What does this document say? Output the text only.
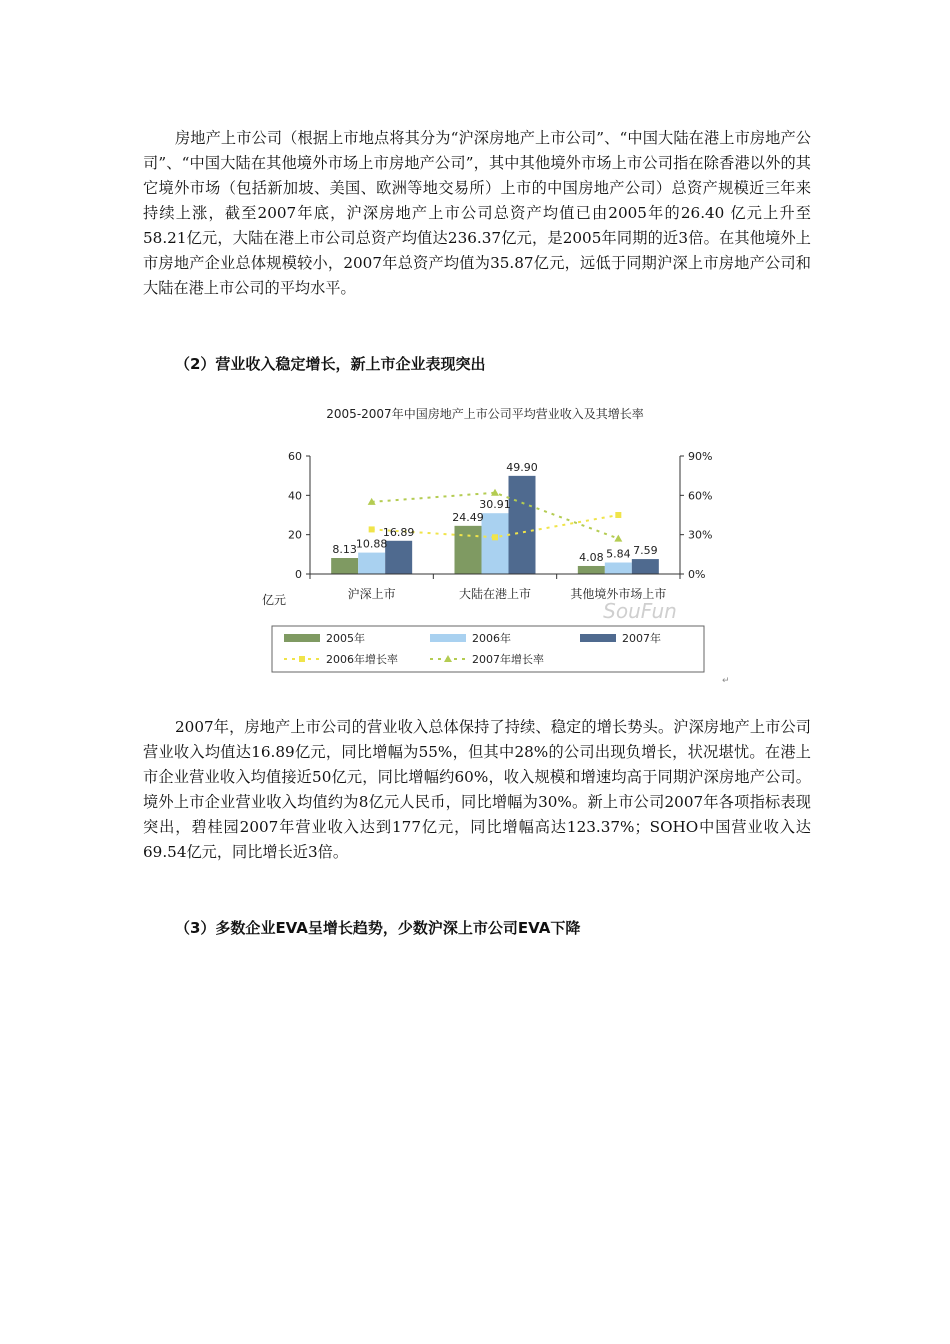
房地产上市公司（根据上市地点将其分为“沪深房地产上市公司”、“中国大陆在港上市房地产公司”、“中国大陆在其他境外市场上市房地产公司”，其中其他境外市场上市公司指在除香港以外的其它境外市场（包括新加坡、美国、欧洲等地交易所）上市的中国房地产公司）总资产规模近三年来持续上涨，截至2007年底，沪深房地产上市公司总资产均值已由2005年的26.40 亿元上升至58.21亿元，大陆在港上市公司总资产均值达236.37亿元，是2005年同期的近3倍。在其他境外上市房地产企业总体规模较小，2007年总资产均值为35.87亿元，远低于同期沪深上市房地产公司和大陆在港上市公司的平均水平。

（2）营业收入稳定增长，新上市企业表现突出

2005-2007年中国房地产上市公司平均营业收入及其增长率
8.13 10.88
16.89
24.49
30.91
49.90
4.08 5.84 7.59
0
20
40
60
0%
30%
60%
90%
沪深上市	大陆在港上市	其他境外市场上市
亿元	SouFun
2005年	2006年	2007年
2006年增长率	2007年增长率
↵

2007年，房地产上市公司的营业收入总体保持了持续、稳定的增长势头。沪深房地产上市公司营业收入均值达16.89亿元，同比增幅为55%，但其中28%的公司出现负增长，状况堪忧。在港上市企业营业收入均值接近50亿元，同比增幅约60%，收入规模和增速均高于同期沪深房地产公司。境外上市企业营业收入均值约为8亿元人民币，同比增幅为30%。新上市公司2007年各项指标表现突出，碧桂园2007年营业收入达到177亿元，同比增幅高达123.37%；SOHO中国营业收入达69.54亿元，同比增长近3倍。

（3）多数企业EVA呈增长趋势，少数沪深上市公司EVA下降
